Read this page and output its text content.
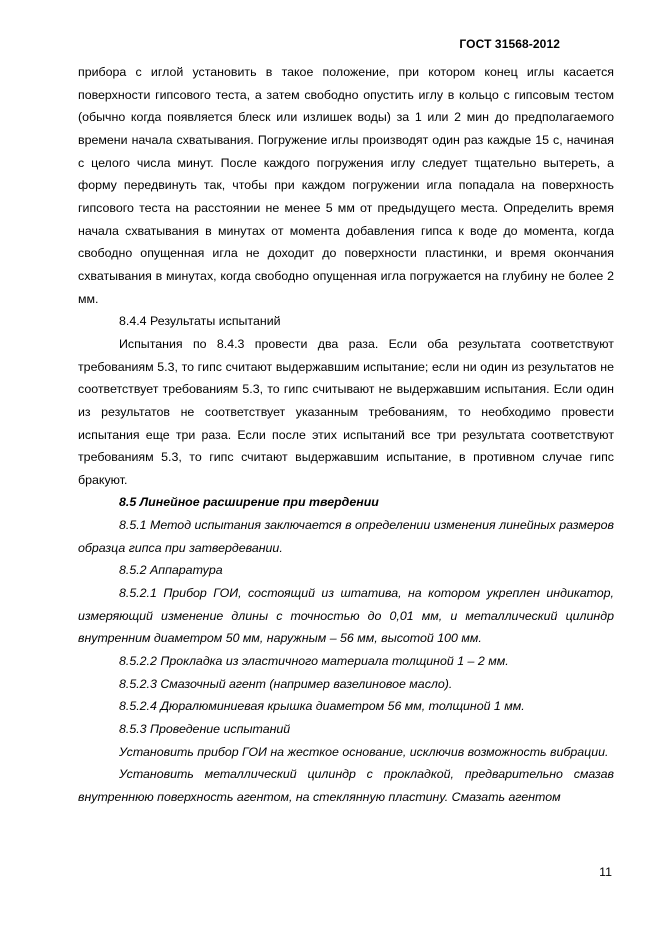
ГОСТ 31568-2012

прибора с иглой установить в такое положение, при котором конец иглы касается поверхности гипсового теста, а затем свободно опустить иглу в кольцо с гипсовым тестом (обычно когда появляется блеск или излишек воды) за 1 или 2 мин до предполагаемого времени начала схватывания. Погружение иглы производят один раз каждые 15 с, начиная с целого числа минут. После каждого погружения иглу следует тщательно вытереть, а форму передвинуть так, чтобы при каждом погружении игла попадала на поверхность гипсового теста на расстоянии не менее 5 мм от предыдущего места. Определить время начала схватывания в минутах от момента добавления гипса к воде до момента, когда свободно опущенная игла не доходит до поверхности пластинки, и время окончания схватывания в минутах, когда свободно опущенная игла погружается на глубину не более 2 мм.

8.4.4 Результаты испытаний

Испытания по 8.4.3 провести два раза. Если оба результата соответствуют требованиям 5.3, то гипс считают выдержавшим испытание; если ни один из результатов не соответствует требованиям 5.3, то гипс считывают не выдержавшим испытания. Если один из результатов не соответствует указанным требованиям, то необходимо провести испытания еще три раза. Если после этих испытаний все три результата соответствуют требованиям 5.3, то гипс считают выдержавшим испытание, в противном случае гипс бракуют.

8.5 Линейное расширение при твердении

8.5.1 Метод испытания заключается в определении изменения линейных размеров образца гипса при затвердевании.

8.5.2 Аппаратура

8.5.2.1 Прибор ГОИ, состоящий из штатива, на котором укреплен индикатор, измеряющий изменение длины с точностью до 0,01 мм, и металлический цилиндр внутренним диаметром 50 мм, наружным – 56 мм, высотой 100 мм.

8.5.2.2 Прокладка из эластичного материала толщиной 1 – 2 мм.

8.5.2.3 Смазочный агент (например вазелиновое масло).

8.5.2.4 Дюралюминиевая крышка диаметром 56 мм, толщиной 1 мм.

8.5.3 Проведение испытаний

Установить прибор ГОИ на жесткое основание, исключив возможность вибрации.

Установить металлический цилиндр с прокладкой, предварительно смазав внутреннюю поверхность агентом, на стеклянную пластину. Смазать агентом

11
